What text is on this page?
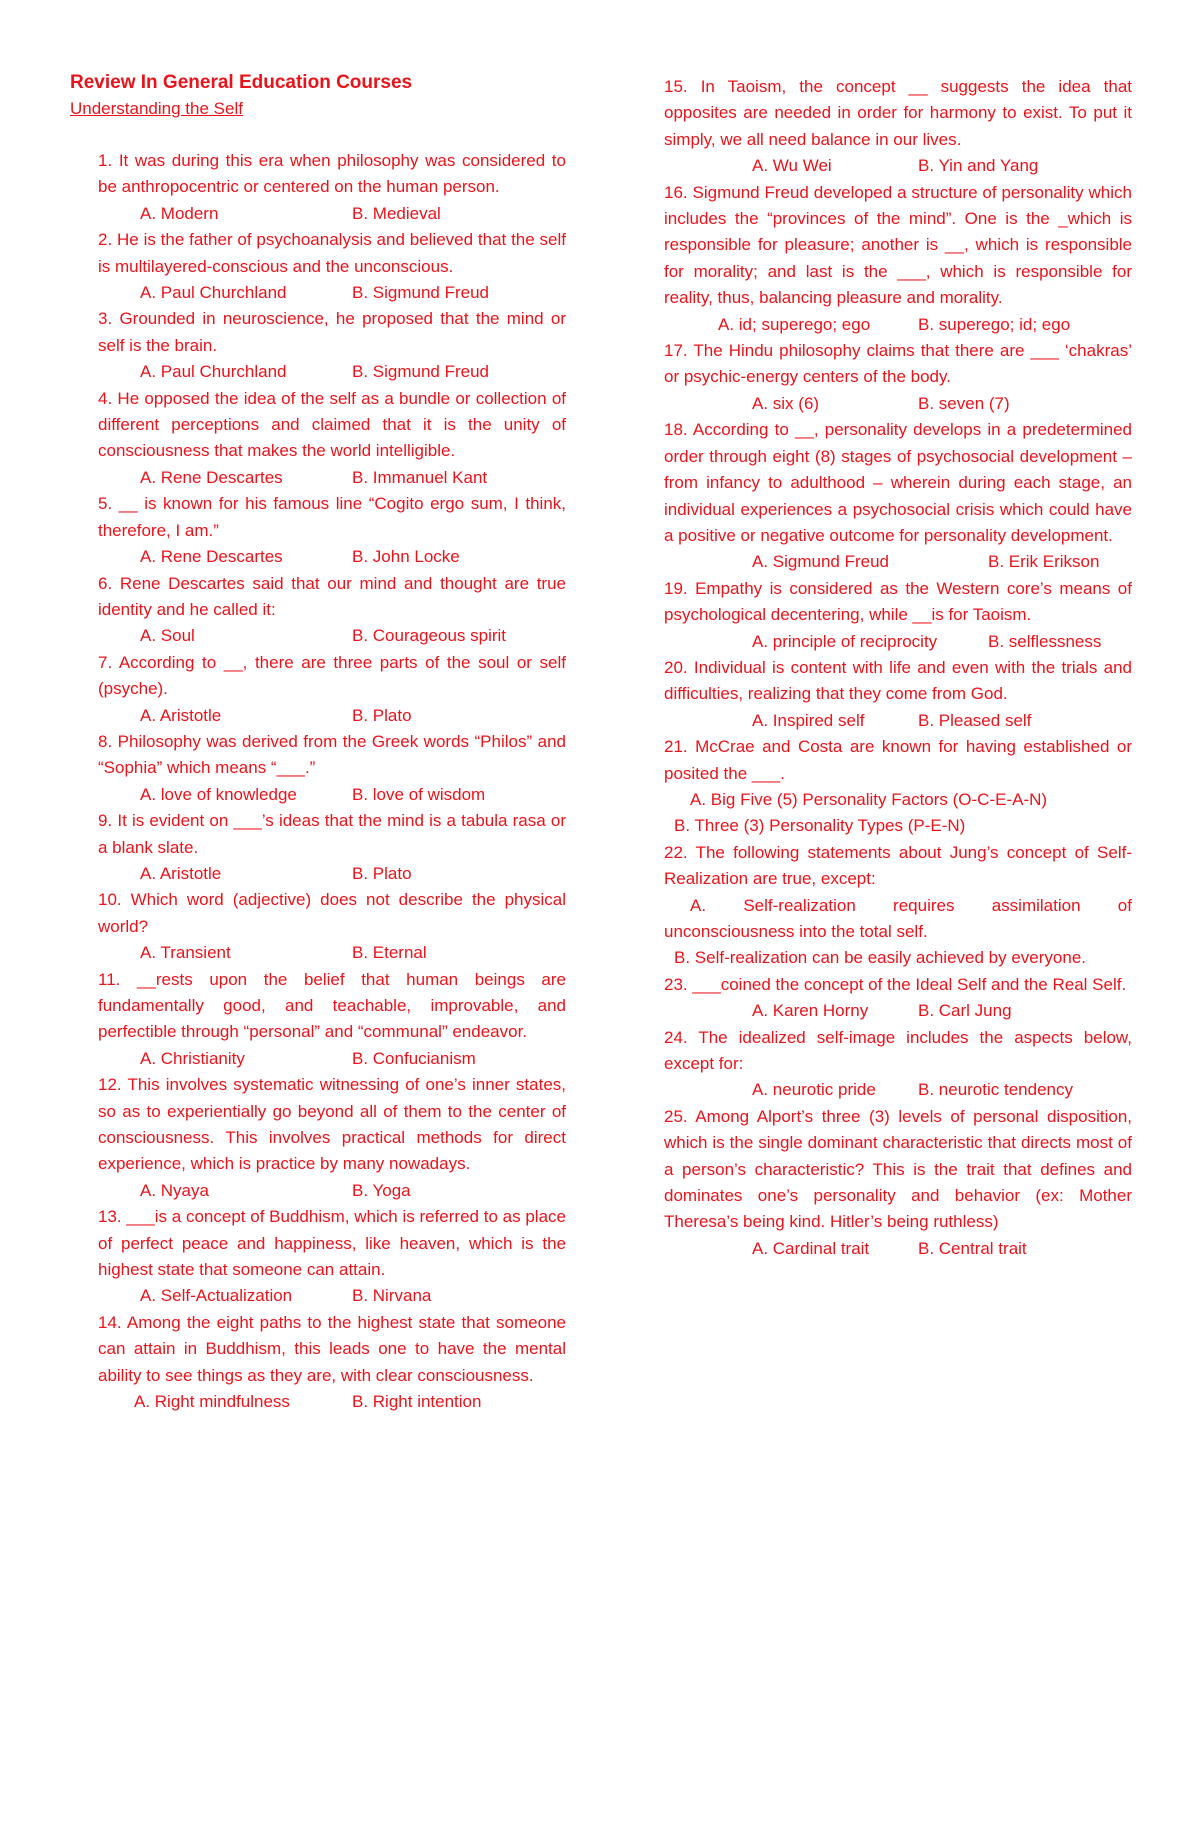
Review In General Education Courses
Understanding the Self

1. It was during this era when philosophy was considered to be anthropocentric or centered on the human person.

A. Modern	B. Medieval

2. He is the father of psychoanalysis and believed that the self is multilayered-conscious and the unconscious.

A. Paul Churchland	B. Sigmund Freud

3. Grounded in neuroscience, he proposed that the mind or self is the brain.

A. Paul Churchland	B. Sigmund Freud

4. He opposed the idea of the self as a bundle or collection of different perceptions and claimed that it is the unity of consciousness that makes the world intelligible.

A. Rene Descartes	B. Immanuel Kant

5. __ is known for his famous line “Cogito ergo sum, I think, therefore, I am.”

A. Rene Descartes	B. John Locke

6. Rene Descartes said that our mind and thought are true identity and he called it:

A. Soul	B. Courageous spirit

7. According to __, there are three parts of the soul or self (psyche).

A. Aristotle	B. Plato

8. Philosophy was derived from the Greek words “Philos” and “Sophia” which means “___.”

A. love of knowledge	B. love of wisdom

9. It is evident on ___’s ideas that the mind is a tabula rasa or a blank slate.

A. Aristotle	B. Plato

10. Which word (adjective) does not describe the physical world?

A. Transient	B. Eternal

11. __rests upon the belief that human beings are fundamentally good, and teachable, improvable, and perfectible through “personal” and “communal” endeavor.

A. Christianity	B. Confucianism

12. This involves systematic witnessing of one’s inner states, so as to experientially go beyond all of them to the center of consciousness. This involves practical methods for direct experience, which is practice by many nowadays.

A. Nyaya	B. Yoga

13. ___is a concept of Buddhism, which is referred to as place of perfect peace and happiness, like heaven, which is the highest state that someone can attain.

A. Self-Actualization	B. Nirvana

14. Among the eight paths to the highest state that someone can attain in Buddhism, this leads one to have the mental ability to see things as they are, with clear consciousness.

A. Right mindfulness	B. Right intention

15. In Taoism, the concept __ suggests the idea that opposites are needed in order for harmony to exist. To put it simply, we all need balance in our lives.

A. Wu Wei	B. Yin and Yang

16. Sigmund Freud developed a structure of personality which includes the “provinces of the mind”. One is the _which is responsible for pleasure; another is __, which is responsible for morality; and last is the ___, which is responsible for reality, thus, balancing pleasure and morality.

A. id; superego; ego	B. superego; id; ego

17. The Hindu philosophy claims that there are ___ ‘chakras’ or psychic-energy centers of the body.

A. six (6)	B. seven (7)

18. According to __, personality develops in a predetermined order through eight (8) stages of psychosocial development – from infancy to adulthood – wherein during each stage, an individual experiences a psychosocial crisis which could have a positive or negative outcome for personality development.

A. Sigmund Freud	B. Erik Erikson

19. Empathy is considered as the Western core’s means of psychological decentering, while __is for Taoism.

A. principle of reciprocity	B. selflessness

20. Individual is content with life and even with the trials and difficulties, realizing that they come from God.

A. Inspired self	B. Pleased self

21. McCrae and Costa are known for having established or posited the ___.

A. Big Five (5) Personality Factors (O-C-E-A-N)
B. Three (3) Personality Types (P-E-N)

22. The following statements about Jung’s concept of Self-Realization are true, except:

A. Self-realization requires assimilation of unconsciousness into the total self.

B. Self-realization can be easily achieved by everyone.

23. ___coined the concept of the Ideal Self and the Real Self.

A. Karen Horny	B. Carl Jung

24. The idealized self-image includes the aspects below, except for:

A. neurotic pride	B. neurotic tendency

25. Among Alport’s three (3) levels of personal disposition, which is the single dominant characteristic that directs most of a person’s characteristic? This is the trait that defines and dominates one’s personality and behavior (ex: Mother Theresa’s being kind. Hitler’s being ruthless)

A. Cardinal trait	B. Central trait
